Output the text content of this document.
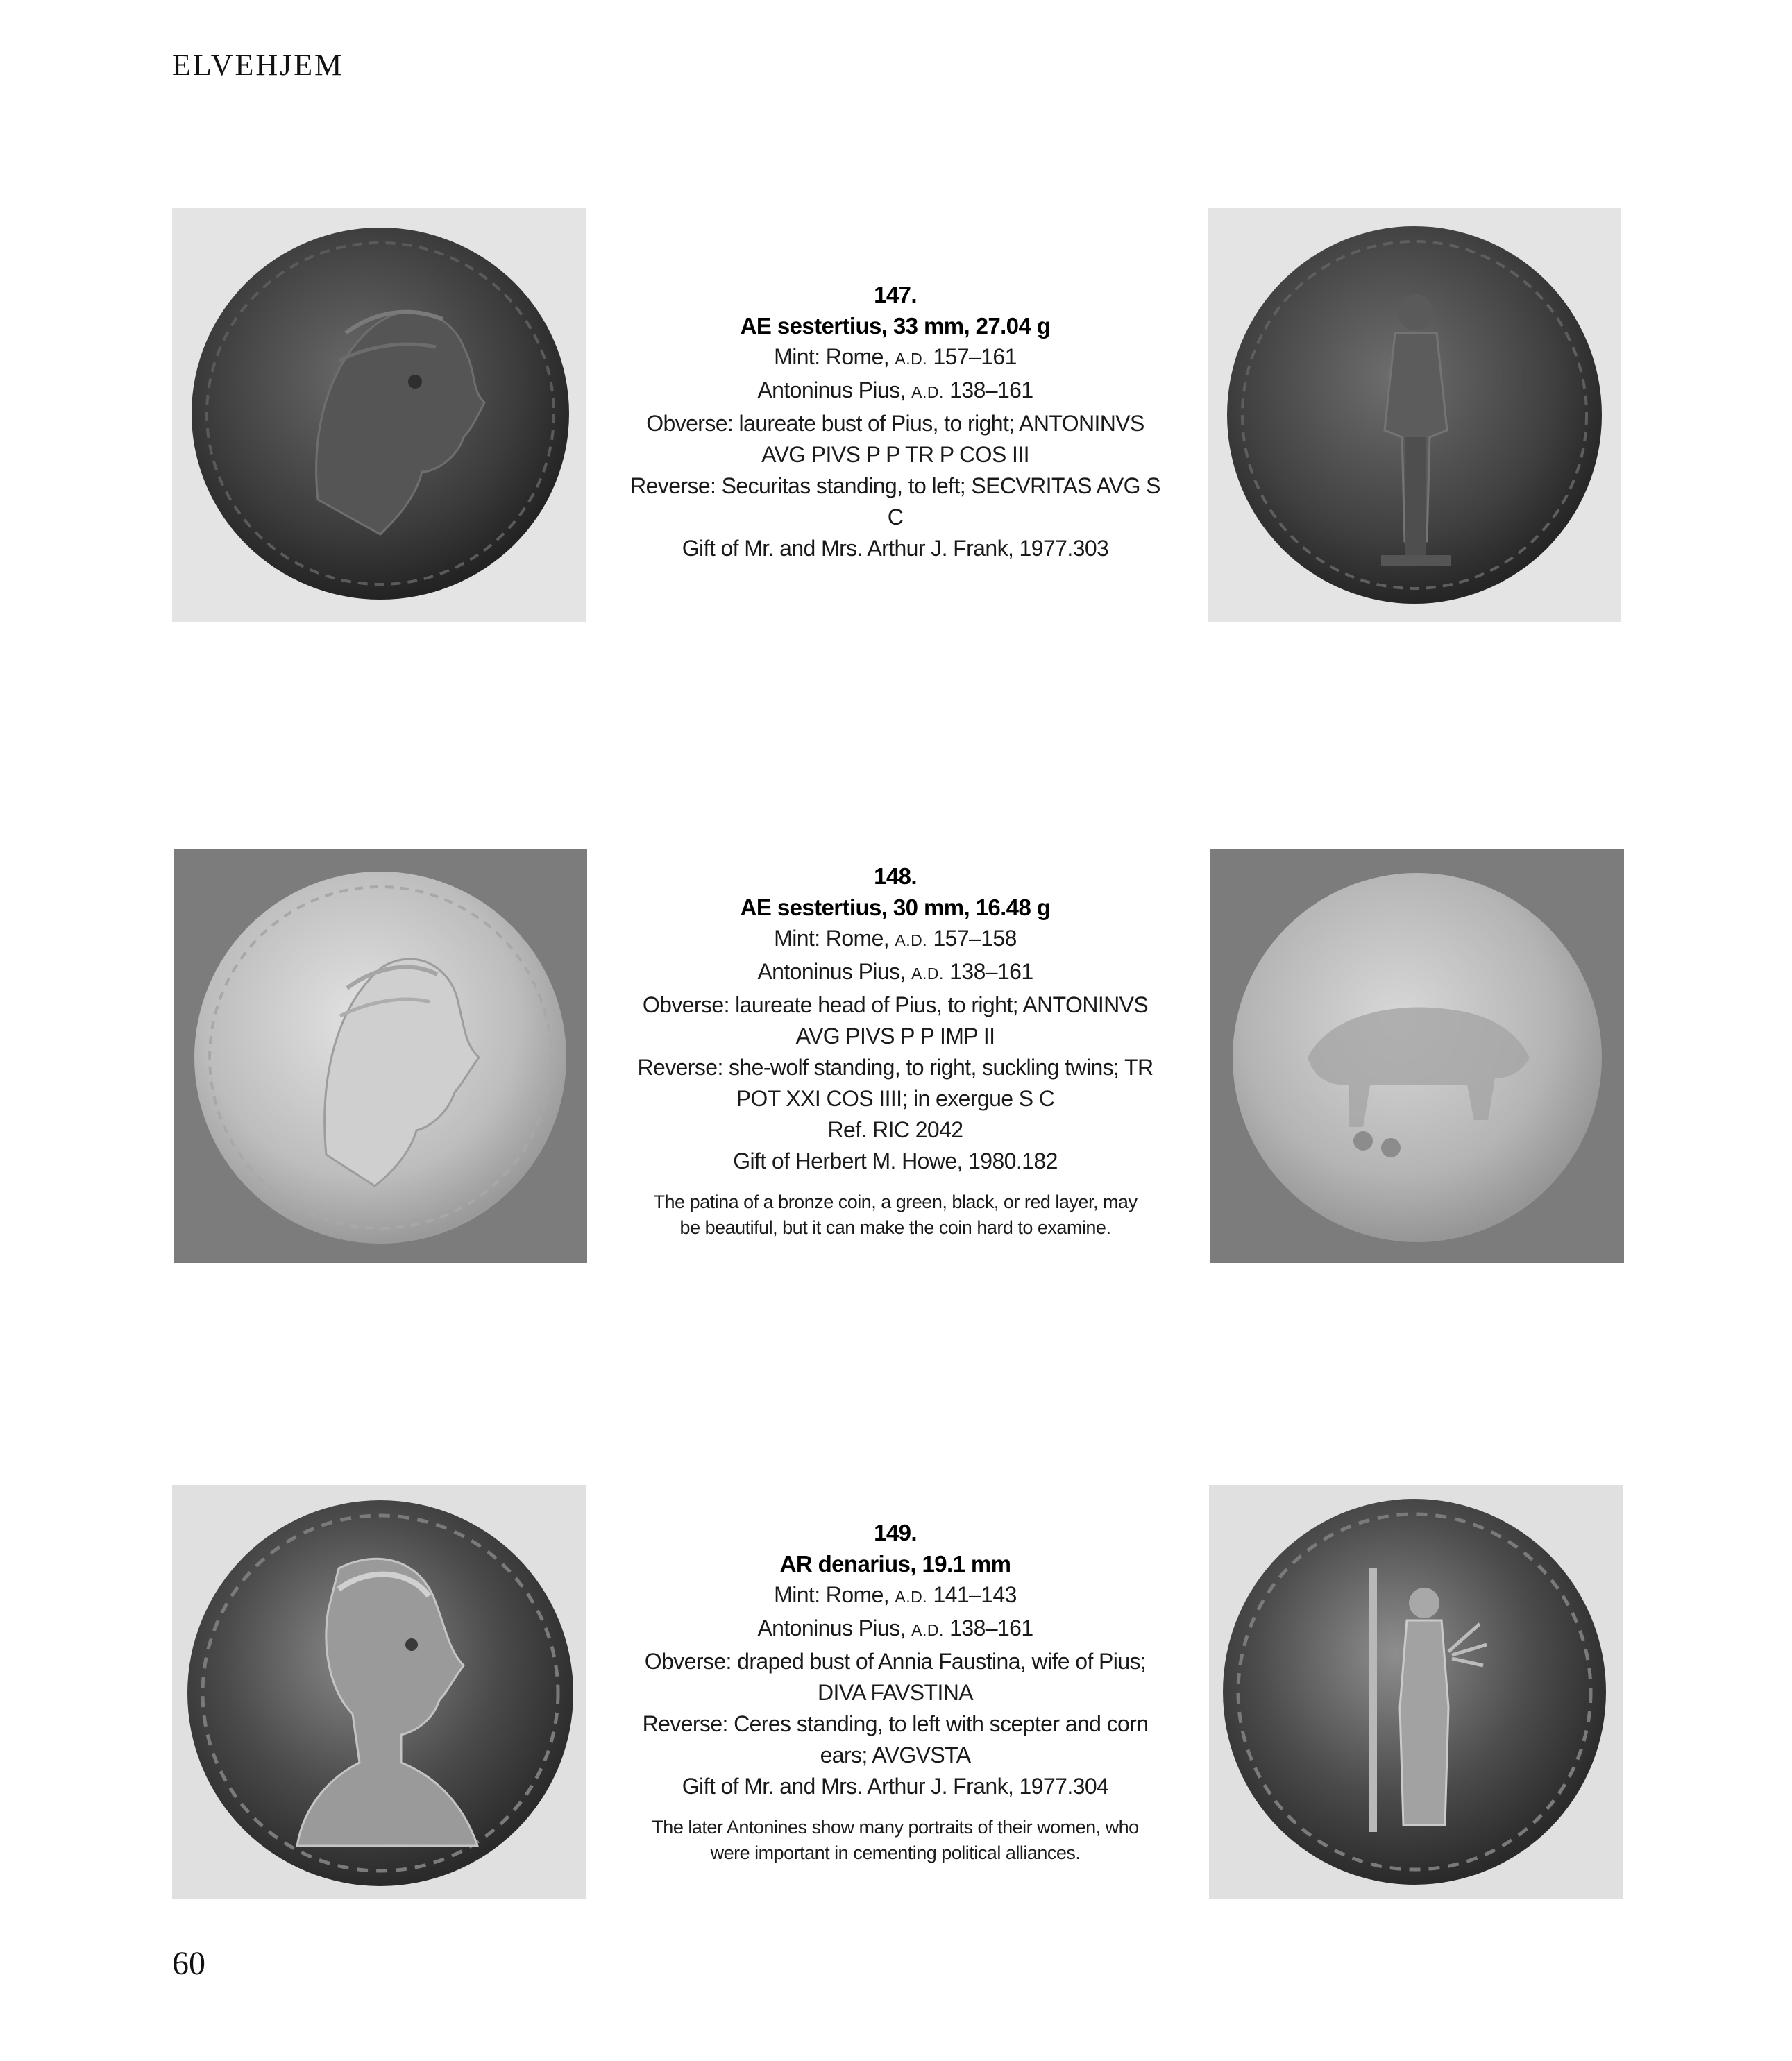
ELVEHJEM
147.
AE sestertius, 33 mm, 27.04 g
Mint: Rome, A.D. 157–161
Antoninus Pius, A.D. 138–161
Obverse: laureate bust of Pius, to right; ANTONINVS
AVG PIVS P P TR P COS III
Reverse: Securitas standing, to left; SECVRITAS AVG S C
Gift of Mr. and Mrs. Arthur J. Frank, 1977.303
148.
AE sestertius, 30 mm, 16.48 g
Mint: Rome, A.D. 157–158
Antoninus Pius, A.D. 138–161
Obverse: laureate head of Pius, to right; ANTONINVS
AVG PIVS P P IMP II
Reverse: she-wolf standing, to right, suckling twins; TR
POT XXI COS IIII; in exergue S C
Ref. RIC 2042
Gift of Herbert M. Howe, 1980.182
The patina of a bronze coin, a green, black, or red layer, may
be beautiful, but it can make the coin hard to examine.
149.
AR denarius, 19.1 mm
Mint: Rome, A.D. 141–143
Antoninus Pius, A.D. 138–161
Obverse: draped bust of Annia Faustina, wife of Pius;
DIVA FAVSTINA
Reverse: Ceres standing, to left with scepter and corn
ears; AVGVSTA
Gift of Mr. and Mrs. Arthur J. Frank, 1977.304
The later Antonines show many portraits of their women, who
were important in cementing political alliances.
60
